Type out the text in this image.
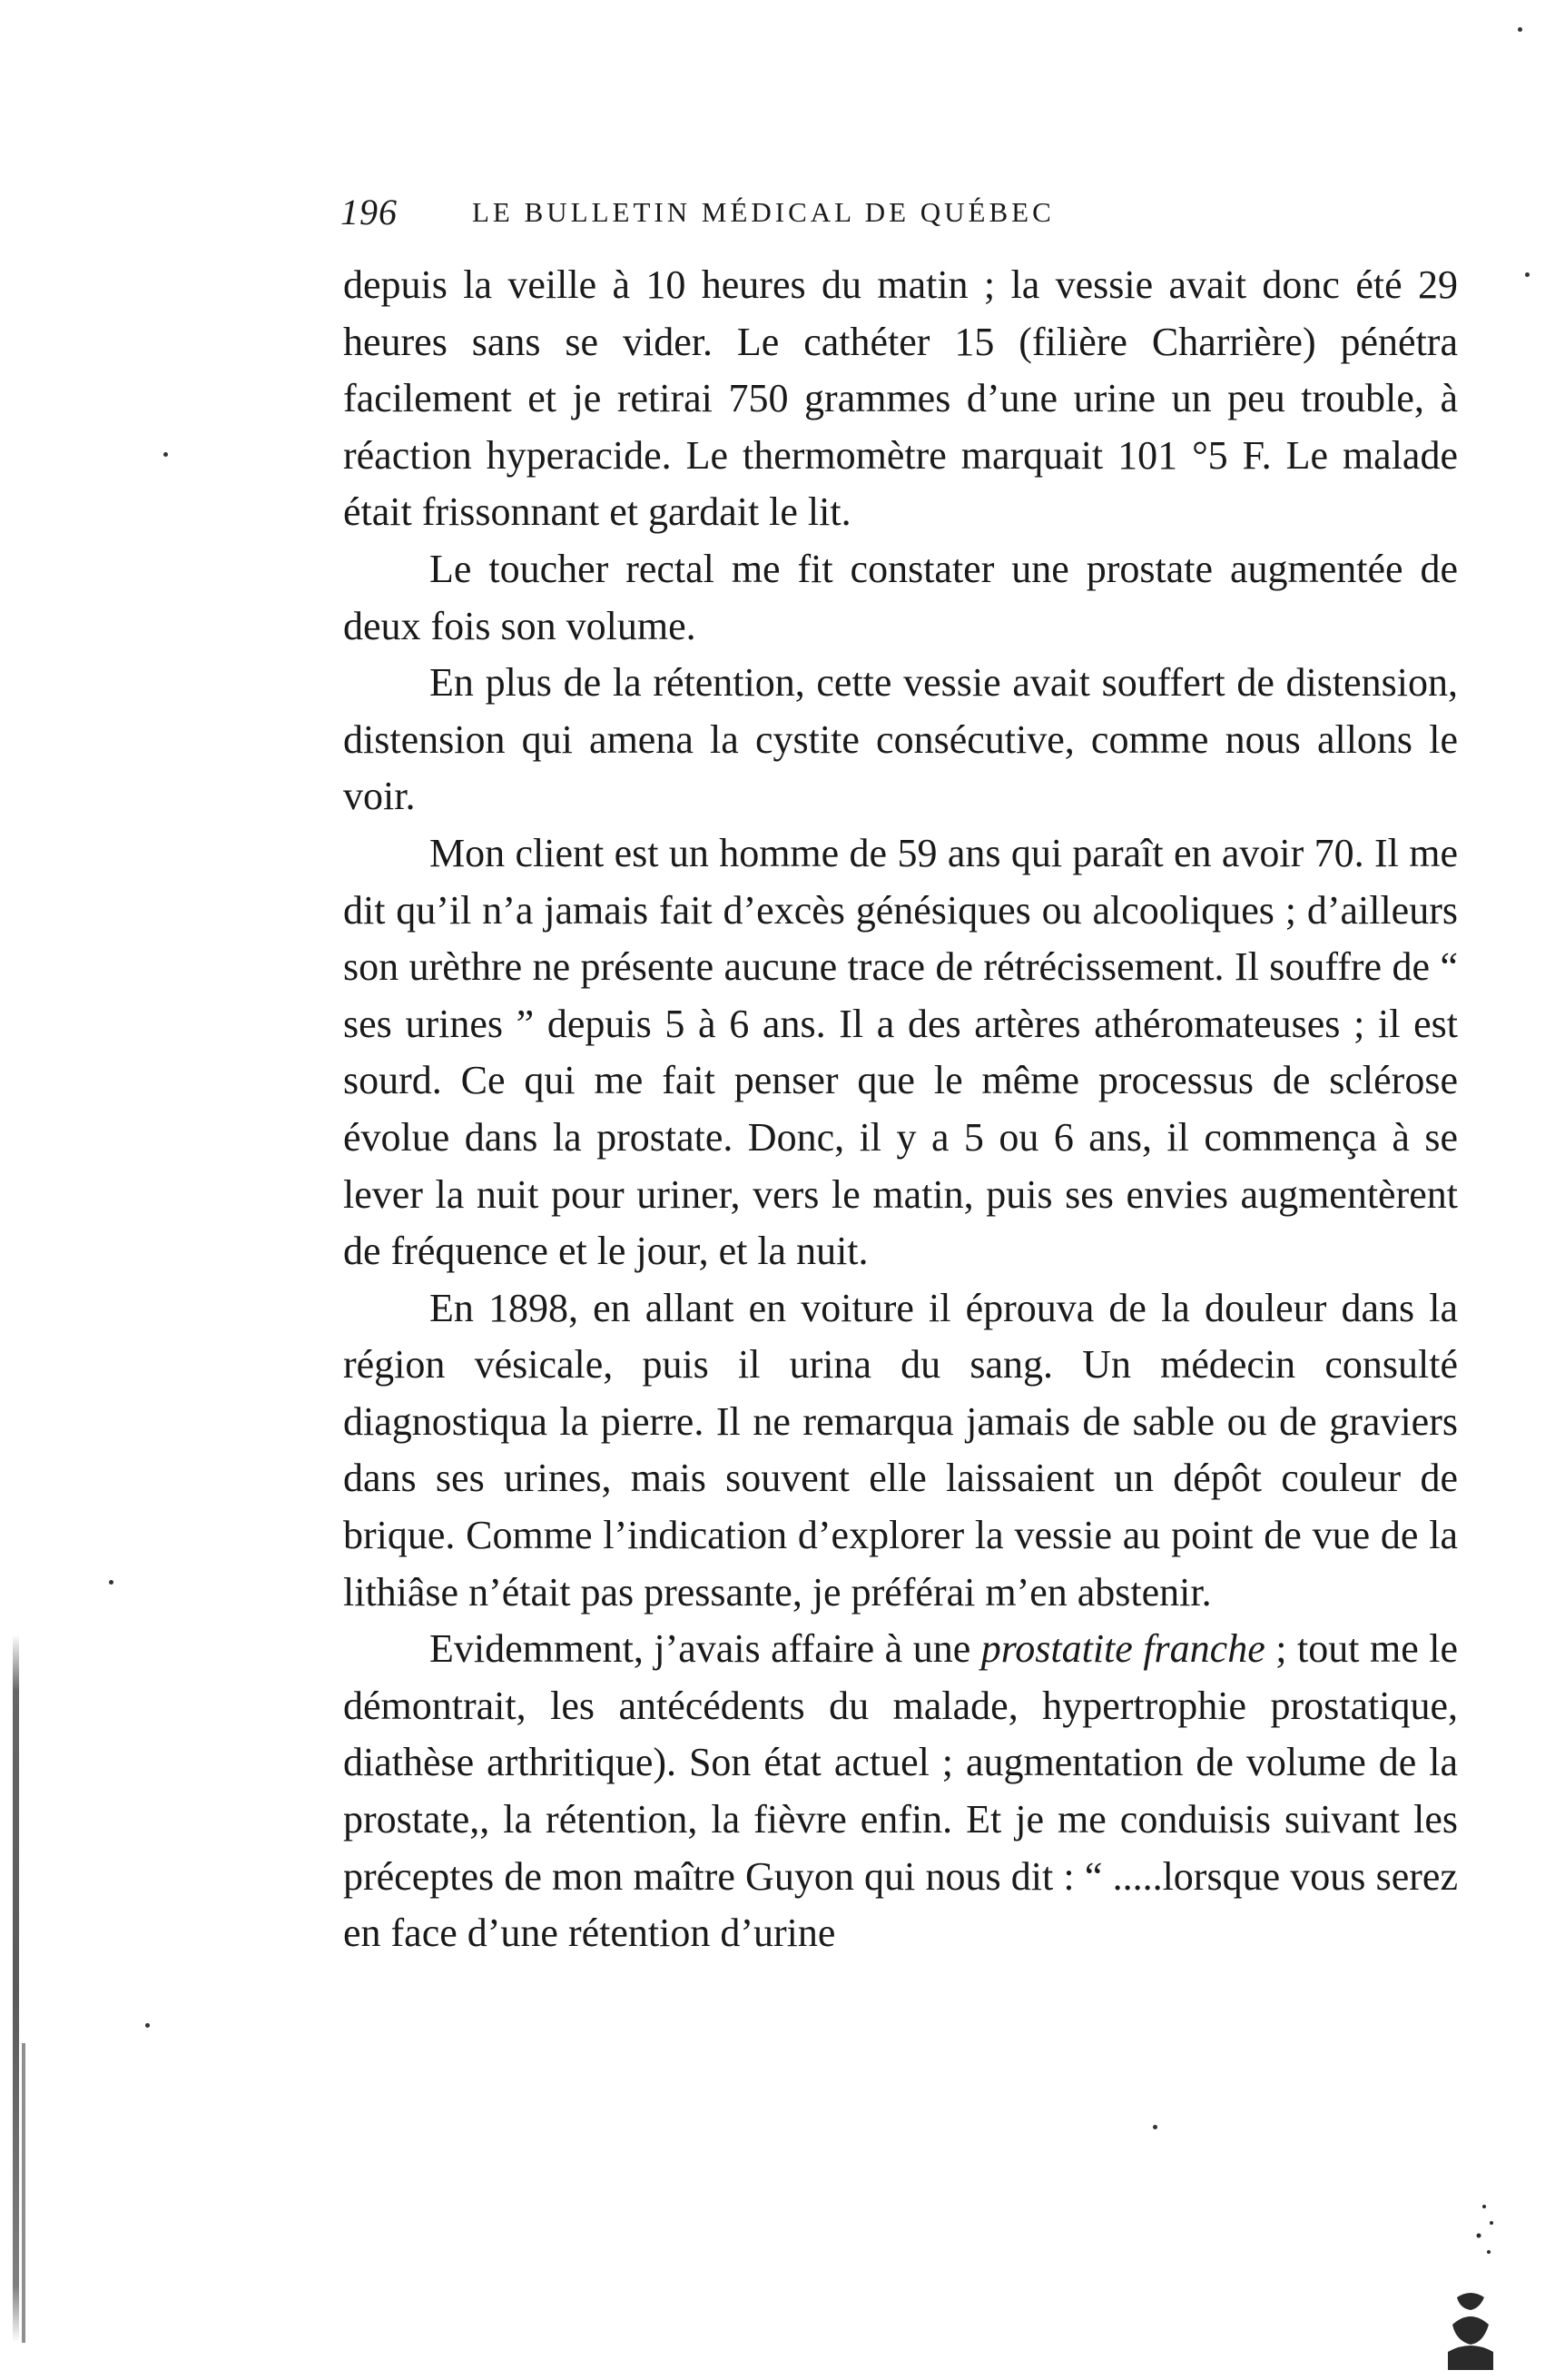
196	LE BULLETIN MÉDICAL DE QUÉBEC

depuis la veille à 10 heures du matin ; la vessie avait donc été 29 heures sans se vider. Le cathéter 15 (filière Charrière) pénétra facilement et je retirai 750 grammes d’une urine un peu trouble, à réaction hyperacide. Le thermomètre marquait 101 °5 F. Le malade était frissonnant et gardait le lit.

Le toucher rectal me fit constater une prostate augmentée de deux fois son volume.

En plus de la rétention, cette vessie avait souffert de distension, distension qui amena la cystite consécutive, comme nous allons le voir.

Mon client est un homme de 59 ans qui paraît en avoir 70. Il me dit qu’il n’a jamais fait d’excès génésiques ou alcooliques ; d’ailleurs son urèthre ne présente aucune trace de rétrécissement. Il souffre de “ ses urines ” depuis 5 à 6 ans. Il a des artères athéromateuses ; il est sourd. Ce qui me fait penser que le même processus de sclérose évolue dans la prostate. Donc, il y a 5 ou 6 ans, il commença à se lever la nuit pour uriner, vers le matin, puis ses envies augmentèrent de fréquence et le jour, et la nuit.

En 1898, en allant en voiture il éprouva de la douleur dans la région vésicale, puis il urina du sang. Un médecin consulté diagnostiqua la pierre. Il ne remarqua jamais de sable ou de graviers dans ses urines, mais souvent elle laissaient un dépôt couleur de brique. Comme l’indication d’explorer la vessie au point de vue de la lithiâse n’était pas pressante, je préférai m’en abstenir.

Evidemment, j’avais affaire à une prostatite franche ; tout me le démontrait, les antécédents du malade, hypertrophie prostatique, diathèse arthritique). Son état actuel ; augmentation de volume de la prostate,, la rétention, la fièvre enfin. Et je me conduisis suivant les préceptes de mon maître Guyon qui nous dit : “ .....lorsque vous serez en face d’une rétention d’urine
